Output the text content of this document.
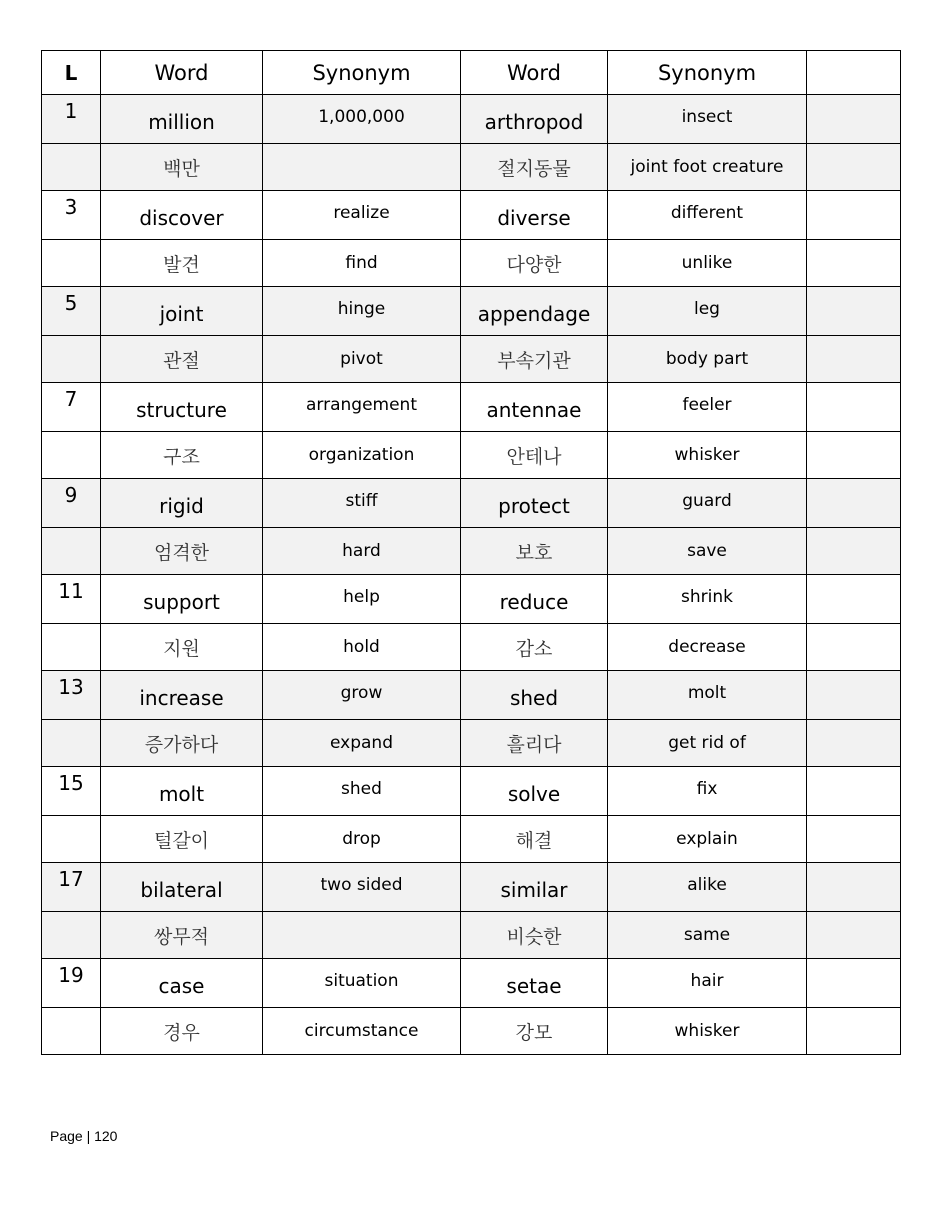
L	Word	Synonym	Word	Synonym	
1	million	1,000,000	arthropod	insect	
	백만		절지동물	joint foot creature	
3	discover	realize	diverse	different	
	발견	find	다양한	unlike	
5	joint	hinge	appendage	leg	
	관절	pivot	부속기관	body part	
7	structure	arrangement	antennae	feeler	
	구조	organization	안테나	whisker	
9	rigid	stiff	protect	guard	
	엄격한	hard	보호	save	
11	support	help	reduce	shrink	
	지원	hold	감소	decrease	
13	increase	grow	shed	molt	
	증가하다	expand	흘리다	get rid of	
15	molt	shed	solve	fix	
	털갈이	drop	해결	explain	
17	bilateral	two sided	similar	alike	
	쌍무적		비슷한	same	
19	case	situation	setae	hair	
	경우	circumstance	강모	whisker	
Page | 120
